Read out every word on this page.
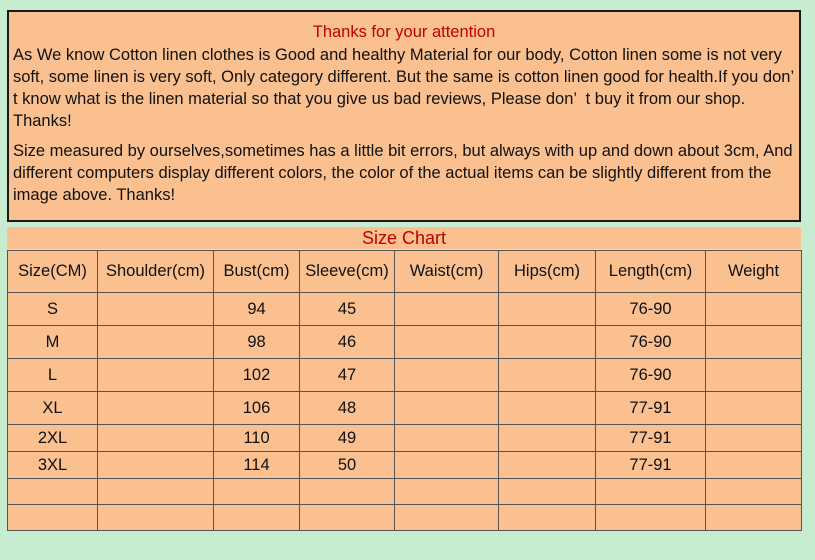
Thanks for your attention

As We know Cotton linen clothes is Good and healthy Material for our body, Cotton linen some is not very soft, some linen is very soft, Only category different. But the same is cotton linen good for health.If you don’  t know what is the linen material so that you give us bad reviews, Please don’  t buy it from our shop. Thanks!

Size measured by ourselves,sometimes has a little bit errors, but always with up and down about 3cm, And different computers display different colors, the color of the actual items can be slightly different from the image above. Thanks!

Size Chart
Size(CM)	Shoulder(cm)	Bust(cm)	Sleeve(cm)	Waist(cm)	Hips(cm)	Length(cm)	Weight
S		94	45			76-90	
M		98	46			76-90	
L		102	47			76-90	
XL		106	48			77-91	
2XL		110	49			77-91	
3XL		114	50			77-91	
